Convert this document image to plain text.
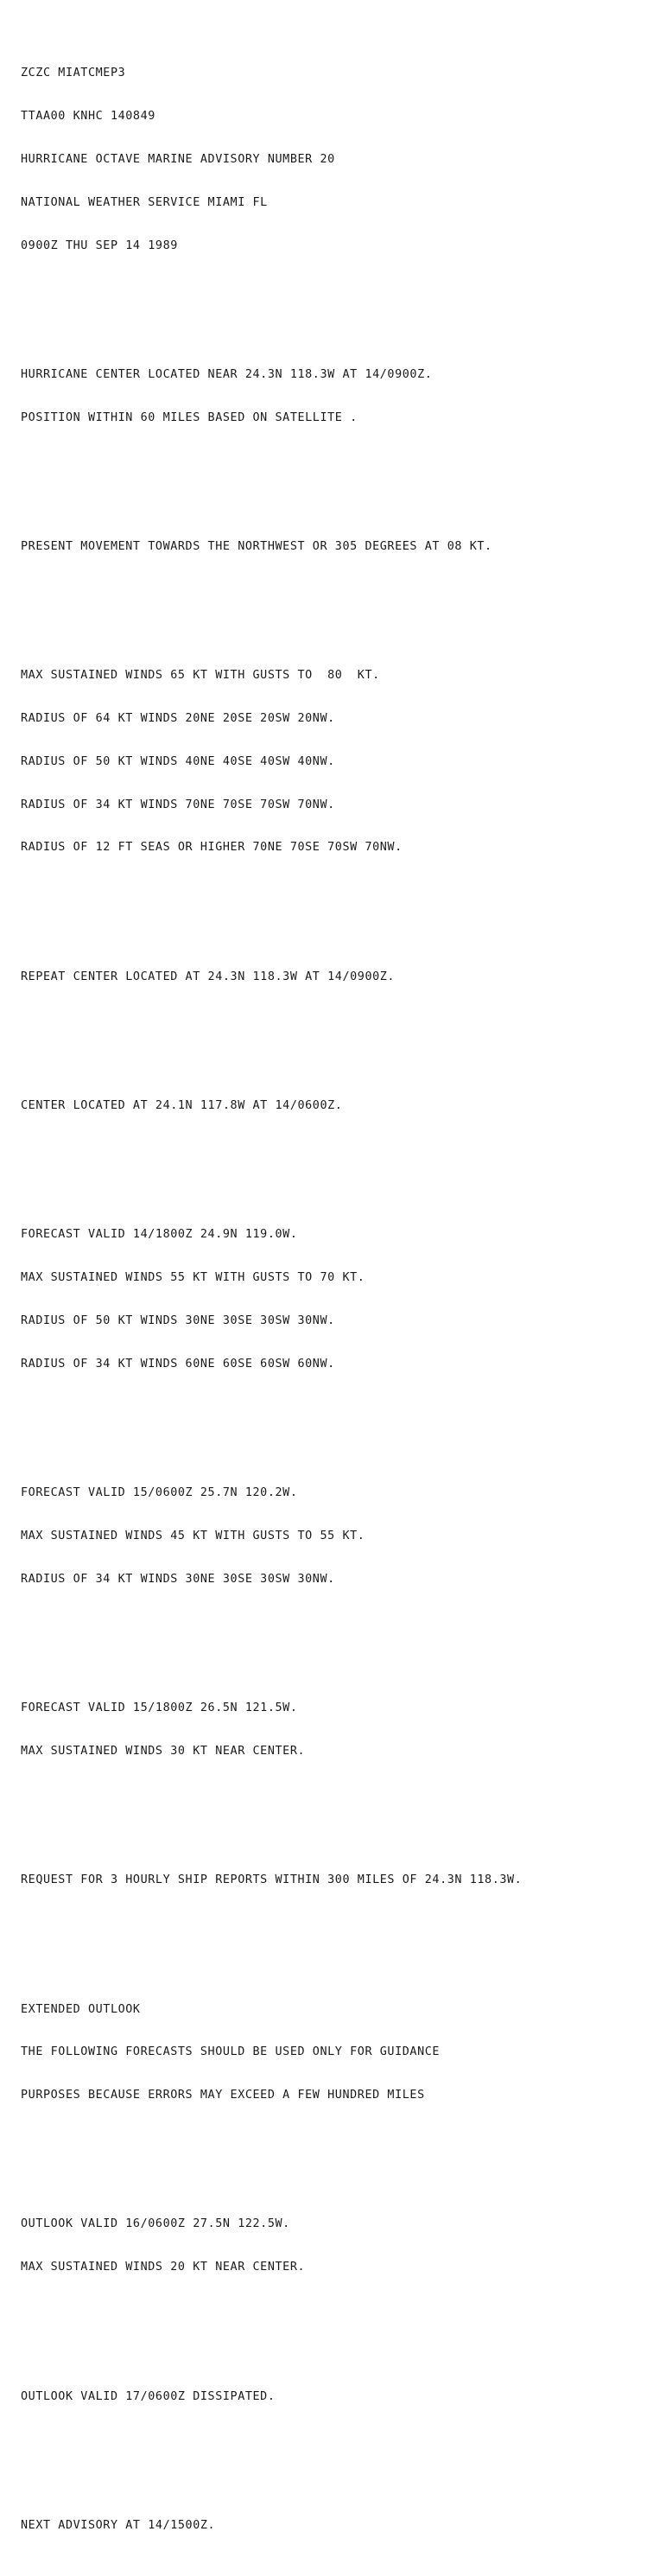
ZCZC MIATCMEP3

TTAA00 KNHC 140849

HURRICANE OCTAVE MARINE ADVISORY NUMBER 20

NATIONAL WEATHER SERVICE MIAMI FL

0900Z THU SEP 14 1989

HURRICANE CENTER LOCATED NEAR 24.3N 118.3W AT 14/0900Z.

POSITION WITHIN 60 MILES BASED ON SATELLITE .

PRESENT MOVEMENT TOWARDS THE NORTHWEST OR 305 DEGREES AT 08 KT.

MAX SUSTAINED WINDS 65 KT WITH GUSTS TO  80  KT.

RADIUS OF 64 KT WINDS 20NE 20SE 20SW 20NW.

RADIUS OF 50 KT WINDS 40NE 40SE 40SW 40NW.

RADIUS OF 34 KT WINDS 70NE 70SE 70SW 70NW.

RADIUS OF 12 FT SEAS OR HIGHER 70NE 70SE 70SW 70NW.

REPEAT CENTER LOCATED AT 24.3N 118.3W AT 14/0900Z.

CENTER LOCATED AT 24.1N 117.8W AT 14/0600Z.

FORECAST VALID 14/1800Z 24.9N 119.0W.

MAX SUSTAINED WINDS 55 KT WITH GUSTS TO 70 KT.

RADIUS OF 50 KT WINDS 30NE 30SE 30SW 30NW.

RADIUS OF 34 KT WINDS 60NE 60SE 60SW 60NW.

FORECAST VALID 15/0600Z 25.7N 120.2W.

MAX SUSTAINED WINDS 45 KT WITH GUSTS TO 55 KT.

RADIUS OF 34 KT WINDS 30NE 30SE 30SW 30NW.

FORECAST VALID 15/1800Z 26.5N 121.5W.

MAX SUSTAINED WINDS 30 KT NEAR CENTER.

REQUEST FOR 3 HOURLY SHIP REPORTS WITHIN 300 MILES OF 24.3N 118.3W.

EXTENDED OUTLOOK

THE FOLLOWING FORECASTS SHOULD BE USED ONLY FOR GUIDANCE

PURPOSES BECAUSE ERRORS MAY EXCEED A FEW HUNDRED MILES

OUTLOOK VALID 16/0600Z 27.5N 122.5W.

MAX SUSTAINED WINDS 20 KT NEAR CENTER.

OUTLOOK VALID 17/0600Z DISSIPATED.

NEXT ADVISORY AT 14/1500Z.
